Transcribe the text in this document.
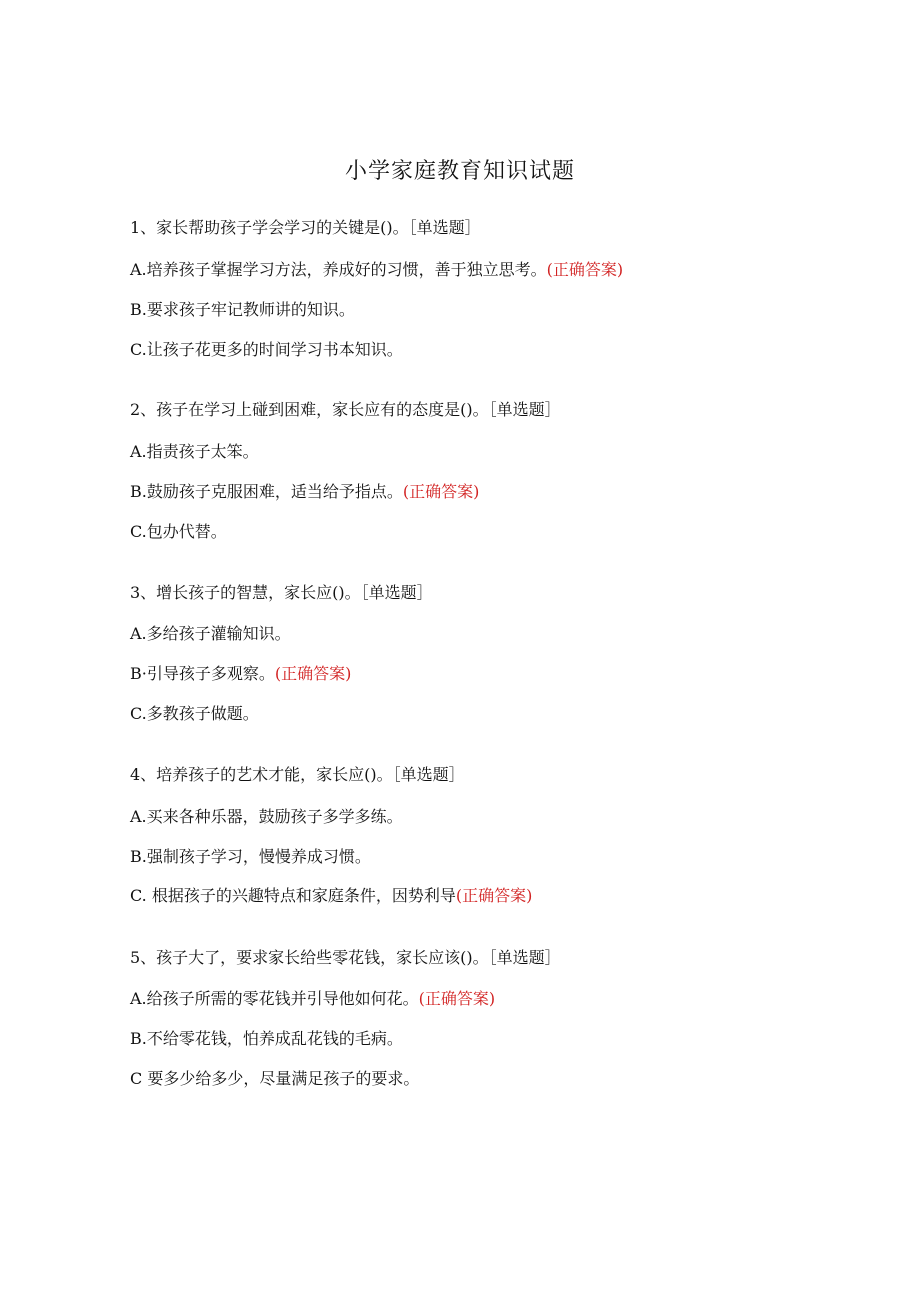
小学家庭教育知识试题
1、家长帮助孩子学会学习的关键是()。［单选题］
A.培养孩子掌握学习方法，养成好的习惯，善于独立思考。(正确答案)
B.要求孩子牢记教师讲的知识。
C.让孩子花更多的时间学习书本知识。
2、孩子在学习上碰到困难，家长应有的态度是()。［单选题］
A.指责孩子太笨。
B.鼓励孩子克服困难，适当给予指点。(正确答案)
C.包办代替。
3、增长孩子的智慧，家长应()。［单选题］
A.多给孩子灌输知识。
B·引导孩子多观察。(正确答案)
C.多教孩子做题。
4、培养孩子的艺术才能，家长应()。［单选题］
A.买来各种乐器，鼓励孩子多学多练。
B.强制孩子学习，慢慢养成习惯。
C. 根据孩子的兴趣特点和家庭条件，因势利导(正确答案)
5、孩子大了，要求家长给些零花钱，家长应该()。［单选题］
A.给孩子所需的零花钱并引导他如何花。(正确答案)
B.不给零花钱，怕养成乱花钱的毛病。
C 要多少给多少，尽量满足孩子的要求。
